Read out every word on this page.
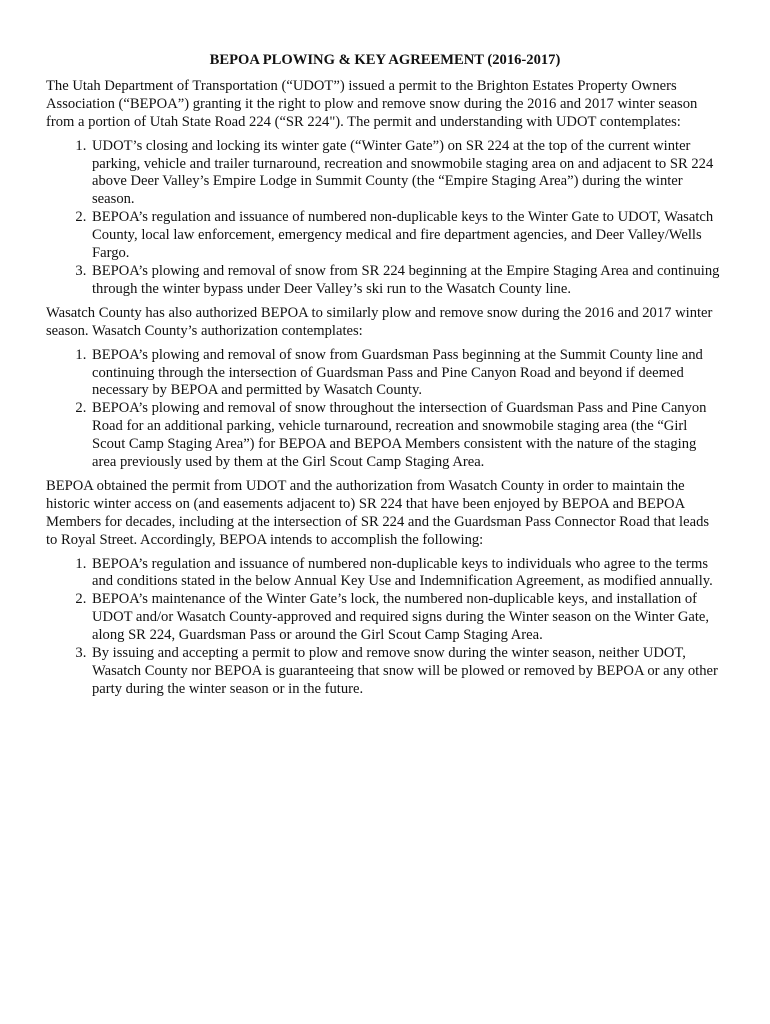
BEPOA PLOWING & KEY AGREEMENT (2016-2017)

The Utah Department of Transportation (“UDOT”) issued a permit to the Brighton Estates Property Owners Association (“BEPOA”) granting it the right to plow and remove snow during the 2016 and 2017 winter season from a portion of Utah State Road 224 (“SR 224"). The permit and understanding with UDOT contemplates:

1. UDOT’s closing and locking its winter gate (“Winter Gate”) on SR 224 at the top of the current winter parking, vehicle and trailer turnaround, recreation and snowmobile staging area on and adjacent to SR 224 above Deer Valley’s Empire Lodge in Summit County (the “Empire Staging Area”) during the winter season.
2. BEPOA’s regulation and issuance of numbered non-duplicable keys to the Winter Gate to UDOT, Wasatch County, local law enforcement, emergency medical and fire department agencies, and Deer Valley/Wells Fargo.
3. BEPOA’s plowing and removal of snow from SR 224 beginning at the Empire Staging Area and continuing through the winter bypass under Deer Valley’s ski run to the Wasatch County line.

Wasatch County has also authorized BEPOA to similarly plow and remove snow during the 2016 and 2017 winter season. Wasatch County’s authorization contemplates:

1. BEPOA’s plowing and removal of snow from Guardsman Pass beginning at the Summit County line and continuing through the intersection of Guardsman Pass and Pine Canyon Road and beyond if deemed necessary by BEPOA and permitted by Wasatch County.
2. BEPOA’s plowing and removal of snow throughout the intersection of Guardsman Pass and Pine Canyon Road for an additional parking, vehicle turnaround, recreation and snowmobile staging area (the “Girl Scout Camp Staging Area”) for BEPOA and BEPOA Members consistent with the nature of the staging area previously used by them at the Girl Scout Camp Staging Area.

BEPOA obtained the permit from UDOT and the authorization from Wasatch County in order to maintain the historic winter access on (and easements adjacent to) SR 224 that have been enjoyed by BEPOA and BEPOA Members for decades, including at the intersection of SR 224 and the Guardsman Pass Connector Road that leads to Royal Street. Accordingly, BEPOA intends to accomplish the following:

1. BEPOA’s regulation and issuance of numbered non-duplicable keys to individuals who agree to the terms and conditions stated in the below Annual Key Use and Indemnification Agreement, as modified annually.
2. BEPOA’s maintenance of the Winter Gate’s lock, the numbered non-duplicable keys, and installation of UDOT and/or Wasatch County-approved and required signs during the Winter season on the Winter Gate, along SR 224, Guardsman Pass or around the Girl Scout Camp Staging Area.
3. By issuing and accepting a permit to plow and remove snow during the winter season, neither UDOT, Wasatch County nor BEPOA is guaranteeing that snow will be plowed or removed by BEPOA or any other party during the winter season or in the future.
